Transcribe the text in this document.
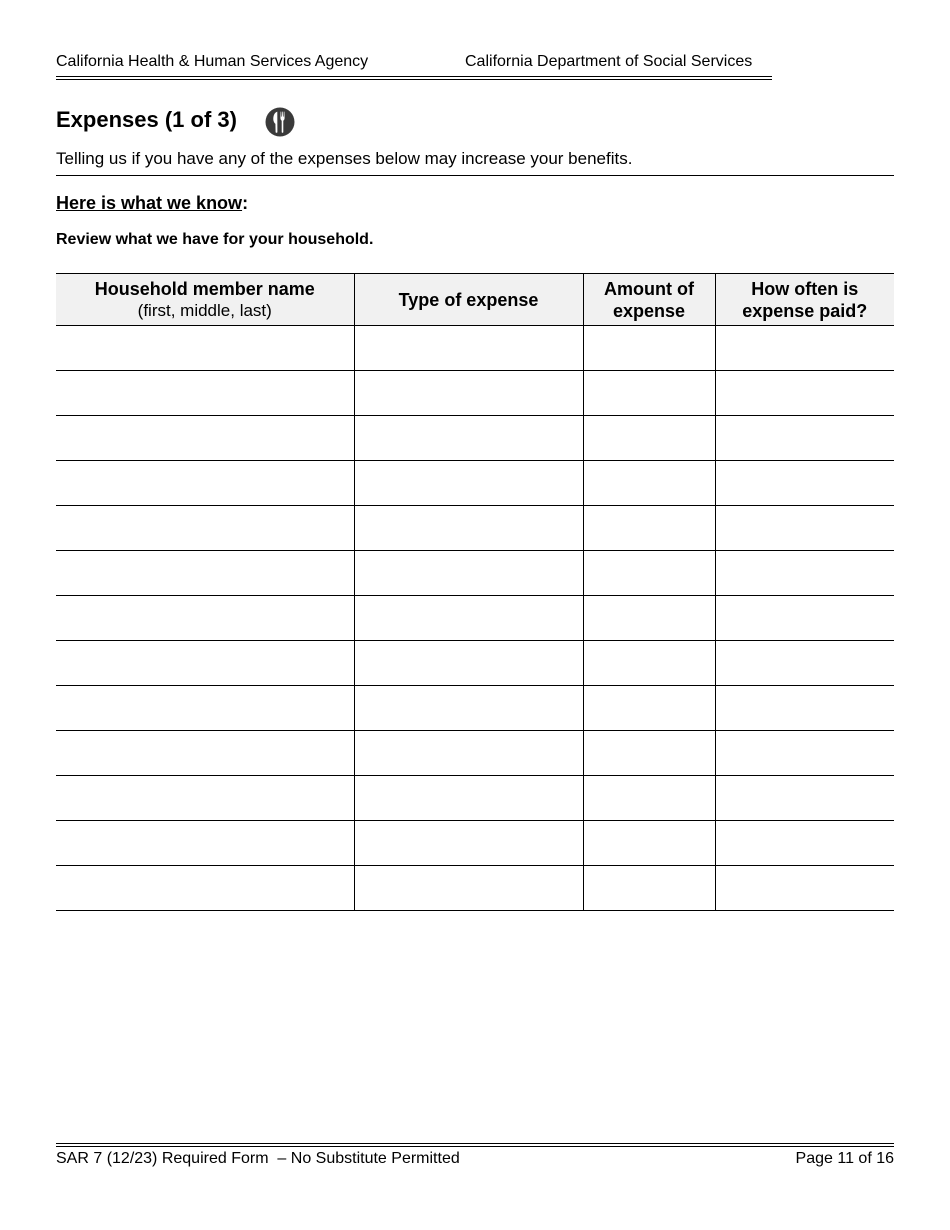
California Health & Human Services Agency	California Department of Social Services
Expenses (1 of 3)
Telling us if you have any of the expenses below may increase your benefits.
Here is what we know:
Review what we have for your household.
Household member name
(first, middle, last)	Type of expense	Amount of expense	How often is expense paid?

SAR 7 (12/23) Required Form  – No Substitute Permitted	Page 11 of 16
